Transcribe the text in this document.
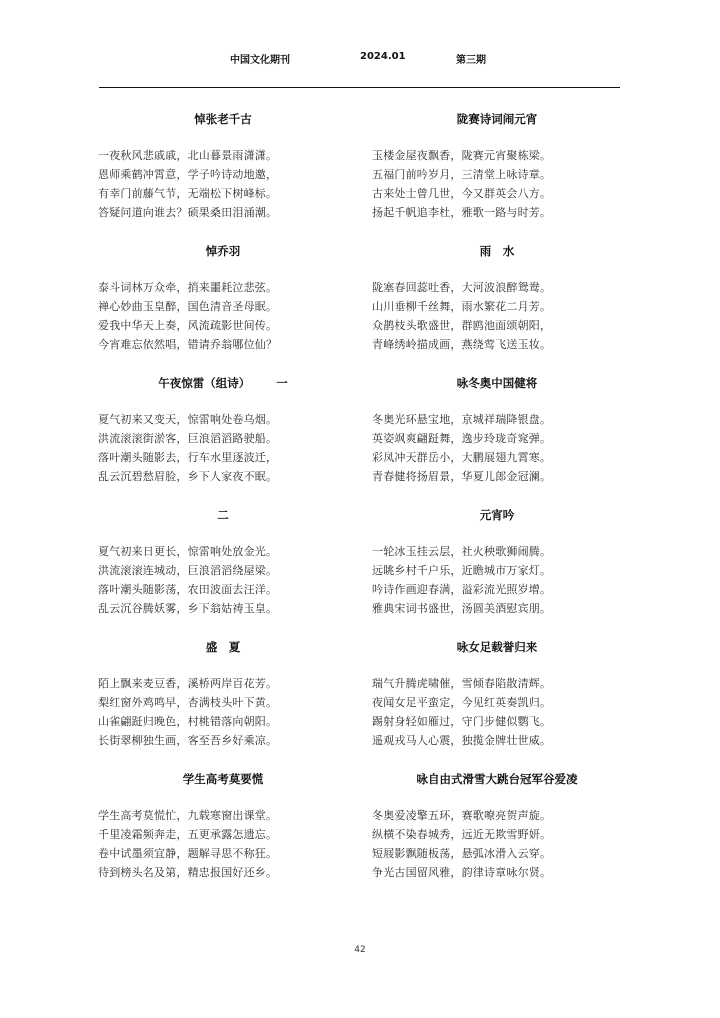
中国文化期刊	2024.01	第三期
悼张老千古
一夜秋风悲戚戚，北山暮景雨潇潇。
恩师乘鹤冲霄意，学子吟诗动地邀，
有幸门前藤气节，无端松下树峰标。
答疑问道向谁去？硕果桑田泪涌潮。
悼乔羽
泰斗词林万众牵，捎来噩耗泣悲弦。
禅心妙曲玉皇醉，国色清音圣母眠。
爱我中华天上奏，风流疏影世间传。
今宵难忘依然唱，错请乔翁哪位仙？
午夜惊雷（组诗） 一
夏气初来又变天，惊雷响处卷乌烟。
洪流滚滚街淤客，巨浪滔滔路驶船。
落叶潮头随影去，行车水里逐波迁，
乱云沉碧愁眉脸，乡下人家夜不眠。
二
夏气初来日更长，惊雷响处放金光。
洪流滚滚连城动，巨浪滔滔绕屋梁。
落叶潮头随影荡，农田波面去汪洋。
乱云沉谷腾妖雾，乡下翁姑祷玉皇。
盛　夏
陌上飘来麦豆香，溪桥两岸百花芳。
梨红窗外鸡鸣早，杏满枝头叶下黄。
山雀翩跹归晚色，村桃错落向朝阳。
长街翠柳独生画，客至吾乡好乘凉。
学生高考莫要慌
学生高考莫慌忙，九载寒窗出课堂。
千里凌霜频奔走，五更承露怎遗忘。
卷中试墨须宜静，题解寻思不称狂。
待到榜头名及第，精忠报国好还乡。
陇赛诗词闹元宵
玉楼金屋夜飘香，陇赛元宵聚栋梁。
五福门前吟岁月，三清堂上咏诗章。
古来处士曾几世，今又群英会八方。
扬起千帆追李杜，雅歌一路与时芳。
雨　水
陇塞春回蕊吐香，大河波浪醉鸳鸯。
山川垂柳千丝舞，雨水繁花二月芳。
众鹊枝头歌盛世，群鸥池面颂朝阳，
青峰绣岭描成画，燕绕莺飞送玉妆。
咏冬奥中国健将
冬奥光环悬宝地，京城祥瑞降银盘。
英姿飒爽翩跹舞，逸步玲珑奇窕弹。
彩凤冲天群岳小，大鹏展翅九霄寒。
青春健将扬眉景，华夏儿郎金冠澜。
元宵吟
一轮冰玉挂云层，社火秧歌狮闹腾。
远眺乡村千户乐，近瞻城市万家灯。
吟诗作画迎春满，溢彩流光照岁增。
雅典宋词书盛世，汤圆美酒慰宾朋。
咏女足载誉归来
瑞气升腾虎啸催，雪倾春陷散清辉。
夜闻女足平蛮定，今见红英奏凯归。
踢射身轻如雁过，守门步健似鹦飞。
遥观戎马人心震，独揽金牌壮世威。
咏自由式滑雪大跳台冠军谷爱凌
冬奥爱凌擎五环，赛歌嘹亮贺声旋。
纵横不染春城秀，远近无欺雪野妍。
短屐影飘随板荡，悬弧冰滑入云穿。
争光古国留风雅，韵律诗章咏尔贤。
42
